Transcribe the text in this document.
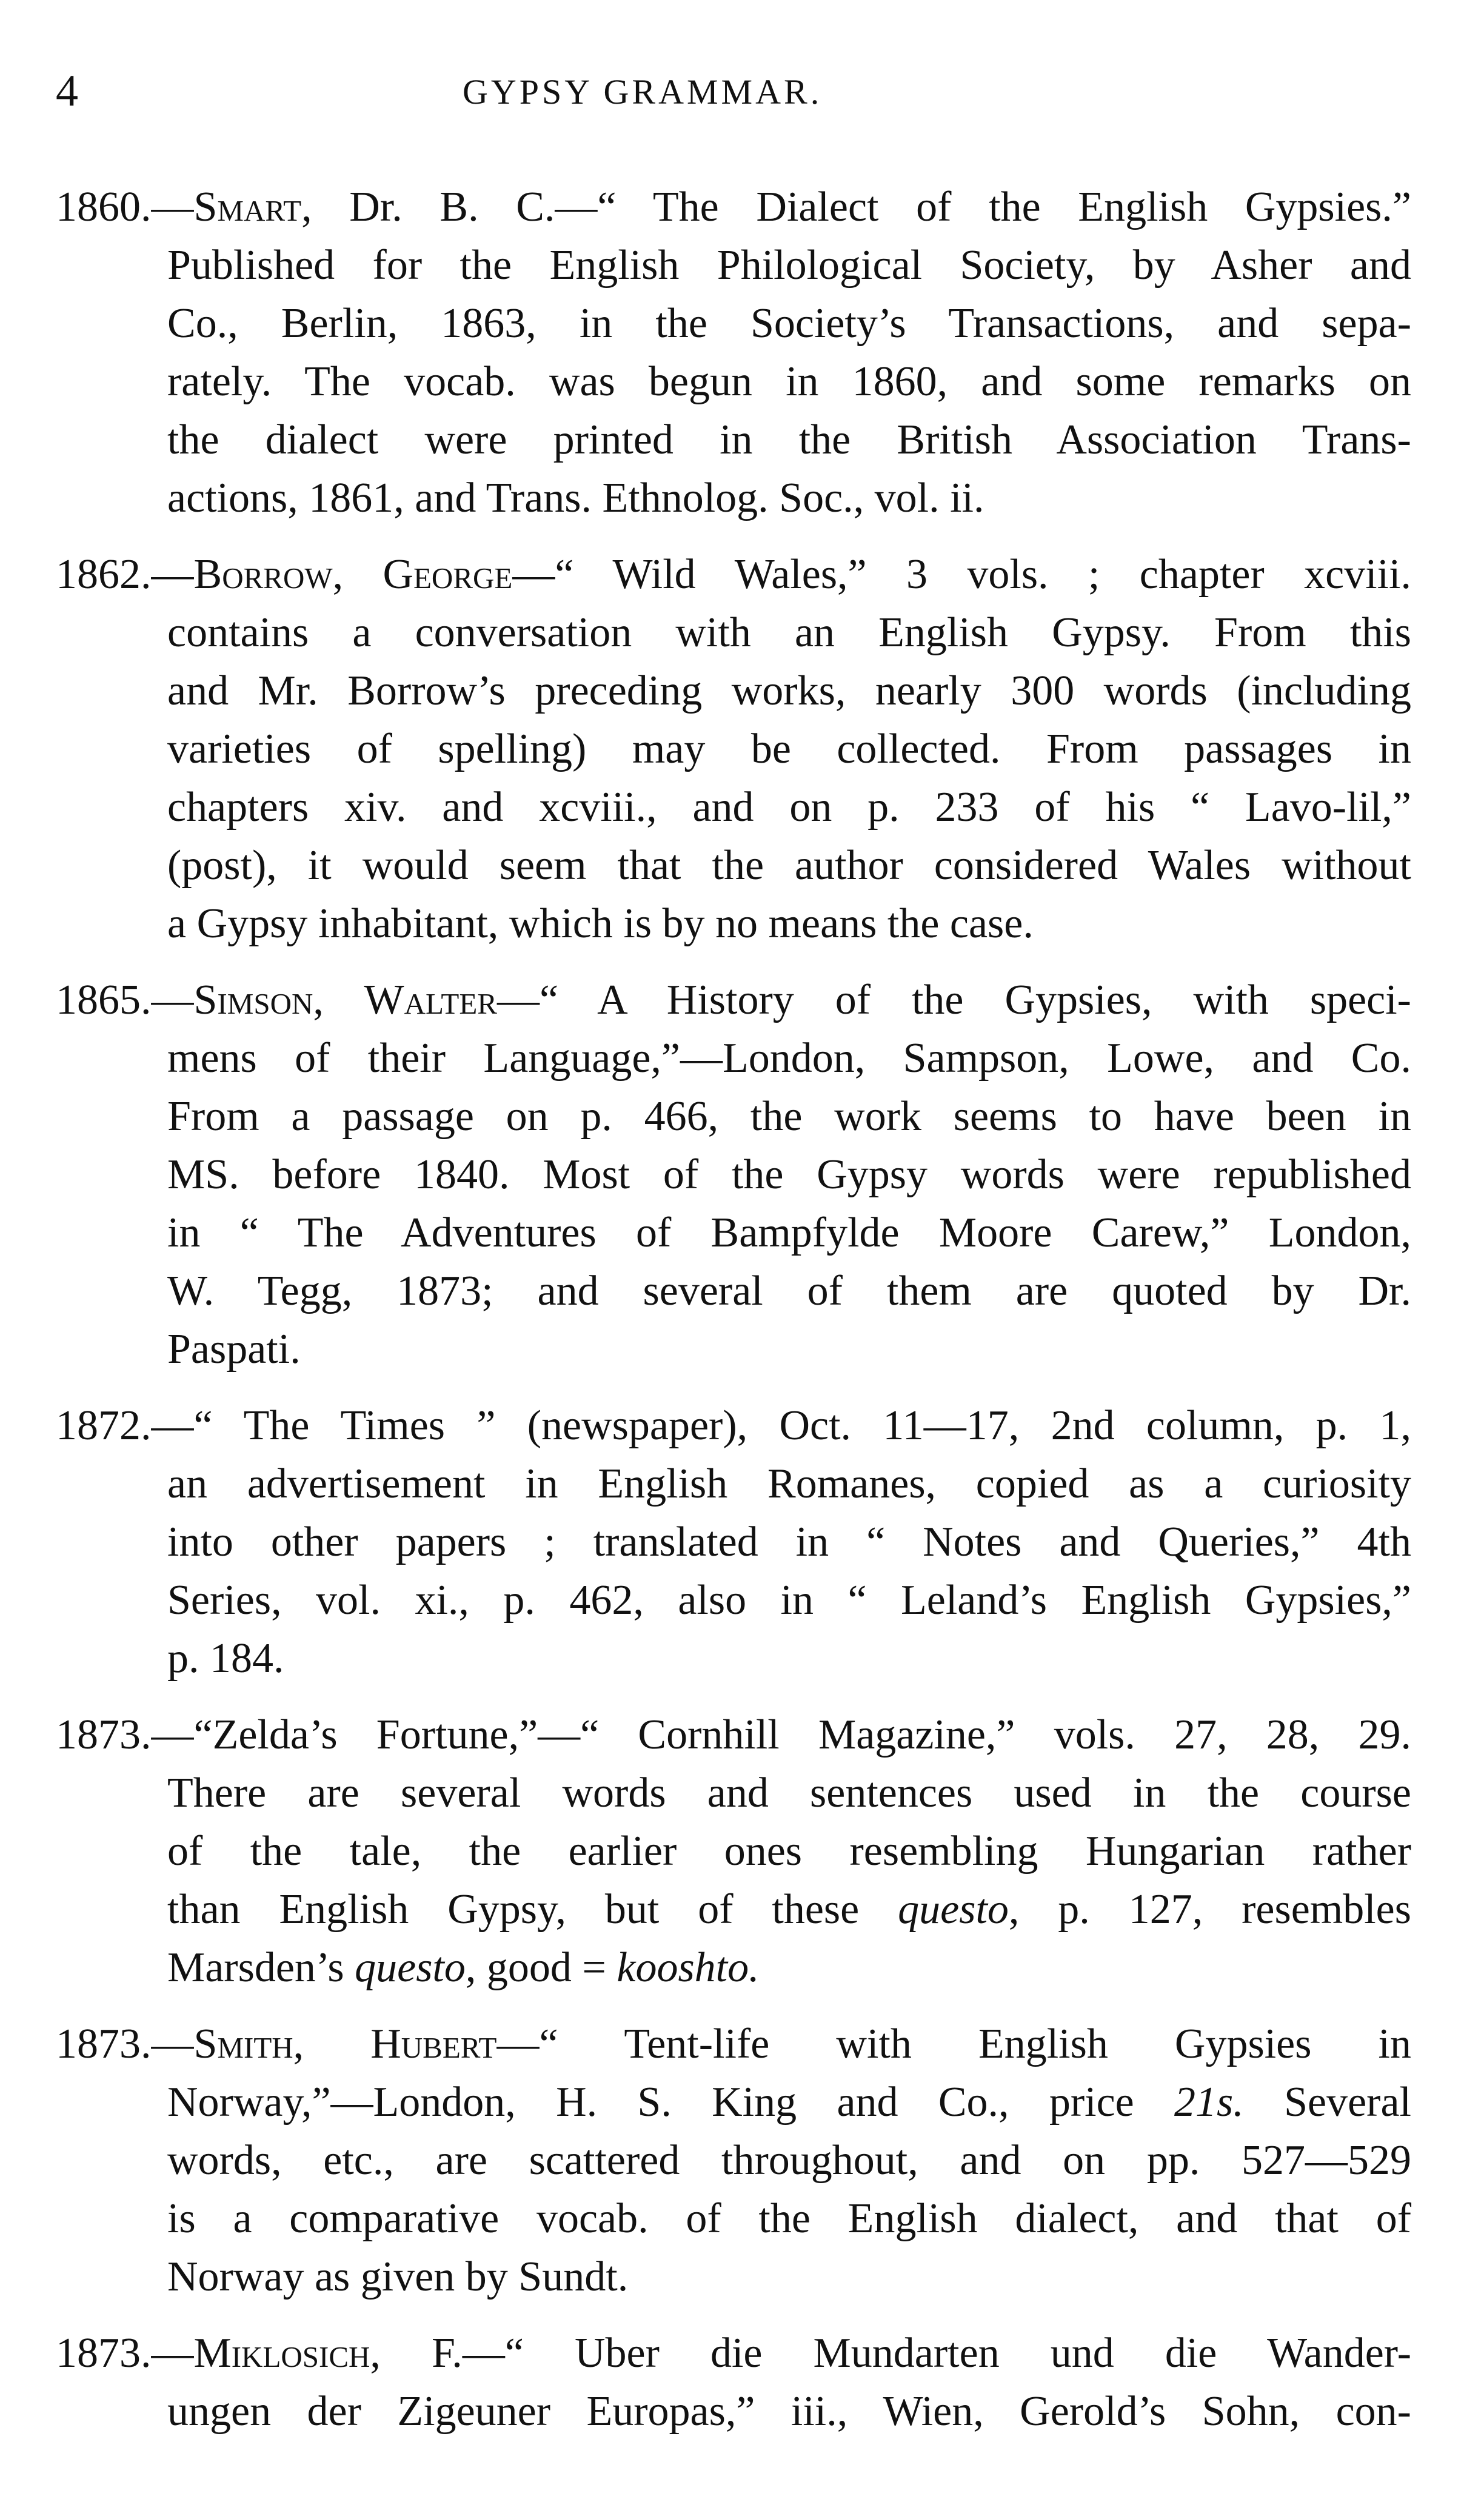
4	GYPSY GRAMMAR.
1860.—Smart, Dr. B. C.—“ The Dialect of the English Gypsies.”
Published for the English Philological Society, by Asher and
Co., Berlin, 1863, in the Society’s Transactions, and sepa-
rately. The vocab. was begun in 1860, and some remarks on
the dialect were printed in the British Association Trans-
actions, 1861, and Trans. Ethnolog. Soc., vol. ii.
1862.—Borrow, George—“ Wild Wales,” 3 vols. ; chapter xcviii.
contains a conversation with an English Gypsy. From this
and Mr. Borrow’s preceding works, nearly 300 words (including
varieties of spelling) may be collected. From passages in
chapters xiv. and xcviii., and on p. 233 of his “ Lavo-lil,”
(post), it would seem that the author considered Wales without
a Gypsy inhabitant, which is by no means the case.
1865.—Simson, Walter—“ A History of the Gypsies, with speci-
mens of their Language,”—London, Sampson, Lowe, and Co.
From a passage on p. 466, the work seems to have been in
MS. before 1840. Most of the Gypsy words were republished
in “ The Adventures of Bampfylde Moore Carew,” London,
W. Tegg, 1873; and several of them are quoted by Dr.
Paspati.
1872.—“ The Times ” (newspaper), Oct. 11—17, 2nd column, p. 1,
an advertisement in English Romanes, copied as a curiosity
into other papers ; translated in “ Notes and Queries,” 4th
Series, vol. xi., p. 462, also in “ Leland’s English Gypsies,”
p. 184.
1873.—“Zelda’s Fortune,”—“ Cornhill Magazine,” vols. 27, 28, 29.
There are several words and sentences used in the course
of the tale, the earlier ones resembling Hungarian rather
than English Gypsy, but of these questo, p. 127, resembles
Marsden’s questo, good = kooshto.
1873.—Smith, Hubert—“ Tent-life with English Gypsies in
Norway,”—London, H. S. King and Co., price 21s. Several
words, etc., are scattered throughout, and on pp. 527—529
is a comparative vocab. of the English dialect, and that of
Norway as given by Sundt.
1873.—Miklosich, F.—“ Uber die Mundarten und die Wander-
ungen der Zigeuner Europas,” iii., Wien, Gerold’s Sohn, con-
